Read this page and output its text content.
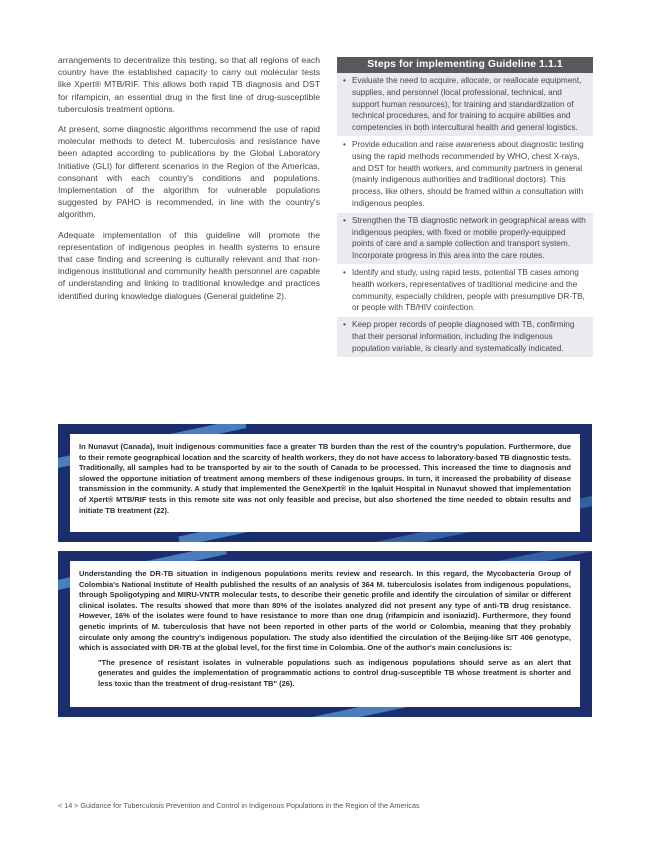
arrangements to decentralize this testing, so that all regions of each country have the established capacity to carry out molecular tests like Xpert® MTB/RIF. This allows both rapid TB diagnosis and DST for rifampicin, an essential drug in the first line of drug-susceptible tuberculosis treatment options.

At present, some diagnostic algorithms recommend the use of rapid molecular methods to detect M. tuberculosis and resistance have been adapted according to publications by the Global Laboratory Initiative (GLI) for different scenarios in the Region of the Americas, consonant with each country's conditions and populations. Implementation of the algorithm for vulnerable populations suggested by PAHO is recommended, in line with the country's algorithm.

Adequate implementation of this guideline will promote the representation of indigenous peoples in health systems to ensure that case finding and screening is culturally relevant and that non-indigenous institutional and community health personnel are capable of understanding and linking to traditional knowledge and practices identified during knowledge dialogues (General guideline 2).

Steps for implementing Guideline 1.1.1
• Evaluate the need to acquire, allocate, or reallocate equipment, supplies, and personnel (local professional, technical, and support human resources), for training and standardization of technical procedures, and for training to acquire abilities and competencies in both intercultural health and general logistics.
• Provide education and raise awareness about diagnostic testing using the rapid methods recommended by WHO, chest X-rays, and DST for health workers, and community partners in general (mainly indigenous authorities and traditional doctors). This process, like others, should be framed within a consultation with indigenous peoples.
• Strengthen the TB diagnostic network in geographical areas with indigenous peoples, with fixed or mobile properly-equipped points of care and a sample collection and transport system. Incorporate progress in this area into the care routes.
• Identify and study, using rapid tests, potential TB cases among health workers, representatives of traditional medicine and the community, especially children, people with presumptive DR-TB, or people with TB/HIV coinfection.
• Keep proper records of people diagnosed with TB, confirming that their personal information, including the indigenous population variable, is clearly and systematically indicated.

In Nunavut (Canada), Inuit indigenous communities face a greater TB burden than the rest of the country's population. Furthermore, due to their remote geographical location and the scarcity of health workers, they do not have access to laboratory-based TB diagnostic tests. Traditionally, all samples had to be transported by air to the south of Canada to be processed. This increased the time to diagnosis and slowed the opportune initiation of treatment among members of these indigenous groups. In turn, it increased the probability of disease transmission in the community. A study that implemented the GeneXpert® in the Iqaluit Hospital in Nunavut showed that implementation of Xpert® MTB/RIF tests in this remote site was not only feasible and precise, but also shortened the time needed to obtain results and initiate TB treatment (22).

Understanding the DR-TB situation in indigenous populations merits review and research. In this regard, the Mycobacteria Group of Colombia's National Institute of Health published the results of an analysis of 364 M. tuberculosis isolates from indigenous populations, through Spoligotyping and MIRU-VNTR molecular tests, to describe their genetic profile and identify the circulation of similar or different clinical isolates. The results showed that more than 80% of the isolates analyzed did not present any type of anti-TB drug resistance. However, 16% of the isolates were found to have resistance to more than one drug (rifampicin and isoniazid). Furthermore, they found genetic imprints of M. tuberculosis that have not been reported in other parts of the world or Colombia, meaning that they probably circulate only among the country's indigenous population. The study also identified the circulation of the Beijing-like SIT 406 genotype, which is associated with DR-TB at the global level, for the first time in Colombia. One of the author's main conclusions is:

"The presence of resistant isolates in vulnerable populations such as indigenous populations should serve as an alert that generates and guides the implementation of programmatic actions to control drug-susceptible TB whose treatment is shorter and less toxic than the treatment of drug-resistant TB" (26).

< 14 > Guidance for Tuberculosis Prevention and Control in Indigenous Populations in the Region of the Americas
